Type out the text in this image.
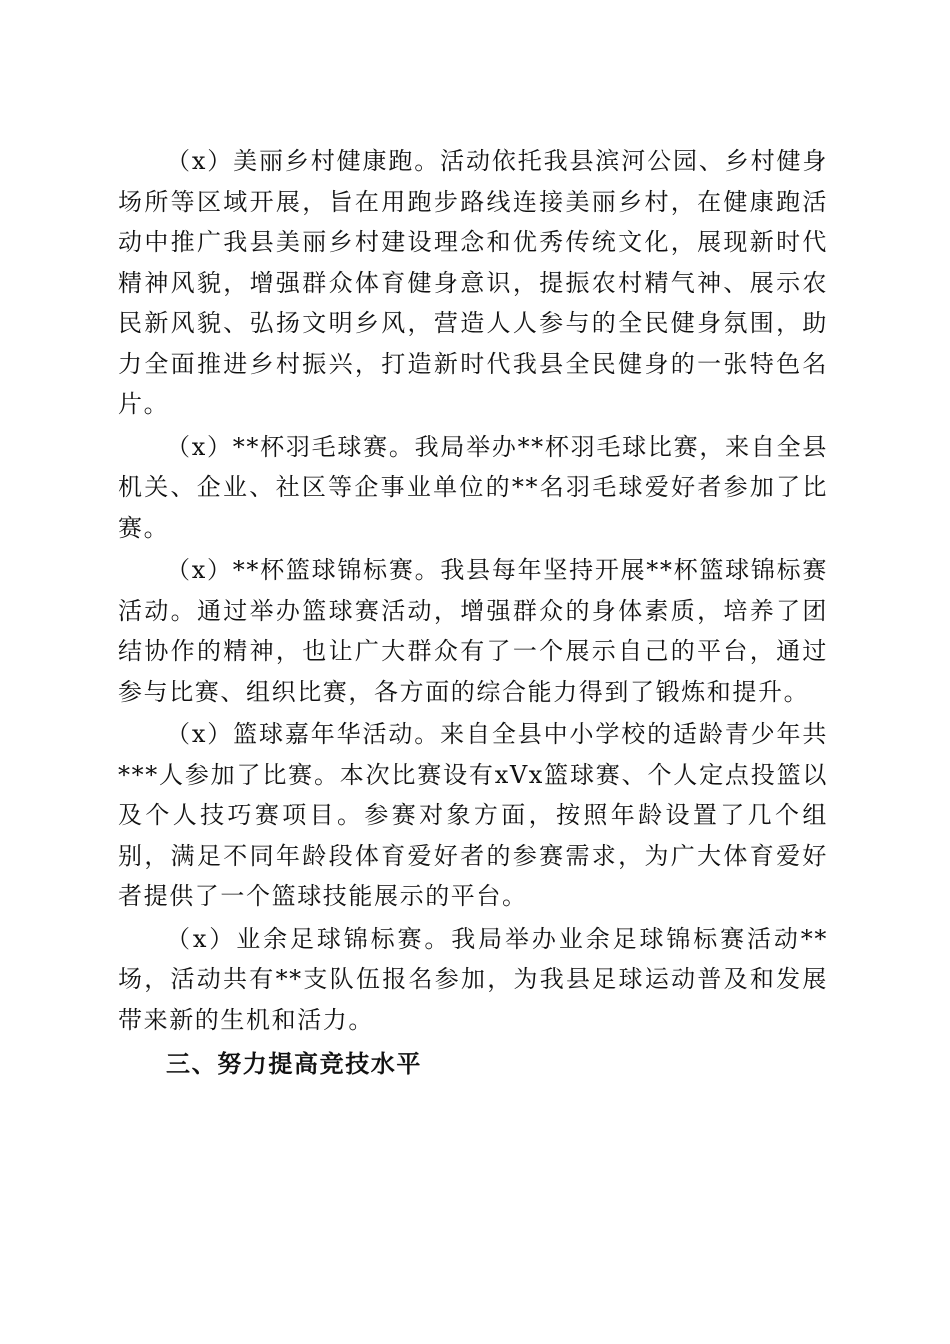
（x）美丽乡村健康跑。活动依托我县滨河公园、乡村健身场所等区域开展，旨在用跑步路线连接美丽乡村，在健康跑活动中推广我县美丽乡村建设理念和优秀传统文化，展现新时代精神风貌，增强群众体育健身意识，提振农村精气神、展示农民新风貌、弘扬文明乡风，营造人人参与的全民健身氛围，助力全面推进乡村振兴，打造新时代我县全民健身的一张特色名片。

（x）**杯羽毛球赛。我局举办**杯羽毛球比赛，来自全县机关、企业、社区等企事业单位的**名羽毛球爱好者参加了比赛。

（x）**杯篮球锦标赛。我县每年坚持开展**杯篮球锦标赛活动。通过举办篮球赛活动，增强群众的身体素质，培养了团结协作的精神，也让广大群众有了一个展示自己的平台，通过参与比赛、组织比赛，各方面的综合能力得到了锻炼和提升。

（x）篮球嘉年华活动。来自全县中小学校的适龄青少年共***人参加了比赛。本次比赛设有xVx篮球赛、个人定点投篮以及个人技巧赛项目。参赛对象方面，按照年龄设置了几个组别，满足不同年龄段体育爱好者的参赛需求，为广大体育爱好者提供了一个篮球技能展示的平台。

（x）业余足球锦标赛。我局举办业余足球锦标赛活动**场，活动共有**支队伍报名参加，为我县足球运动普及和发展带来新的生机和活力。

三、努力提高竞技水平
